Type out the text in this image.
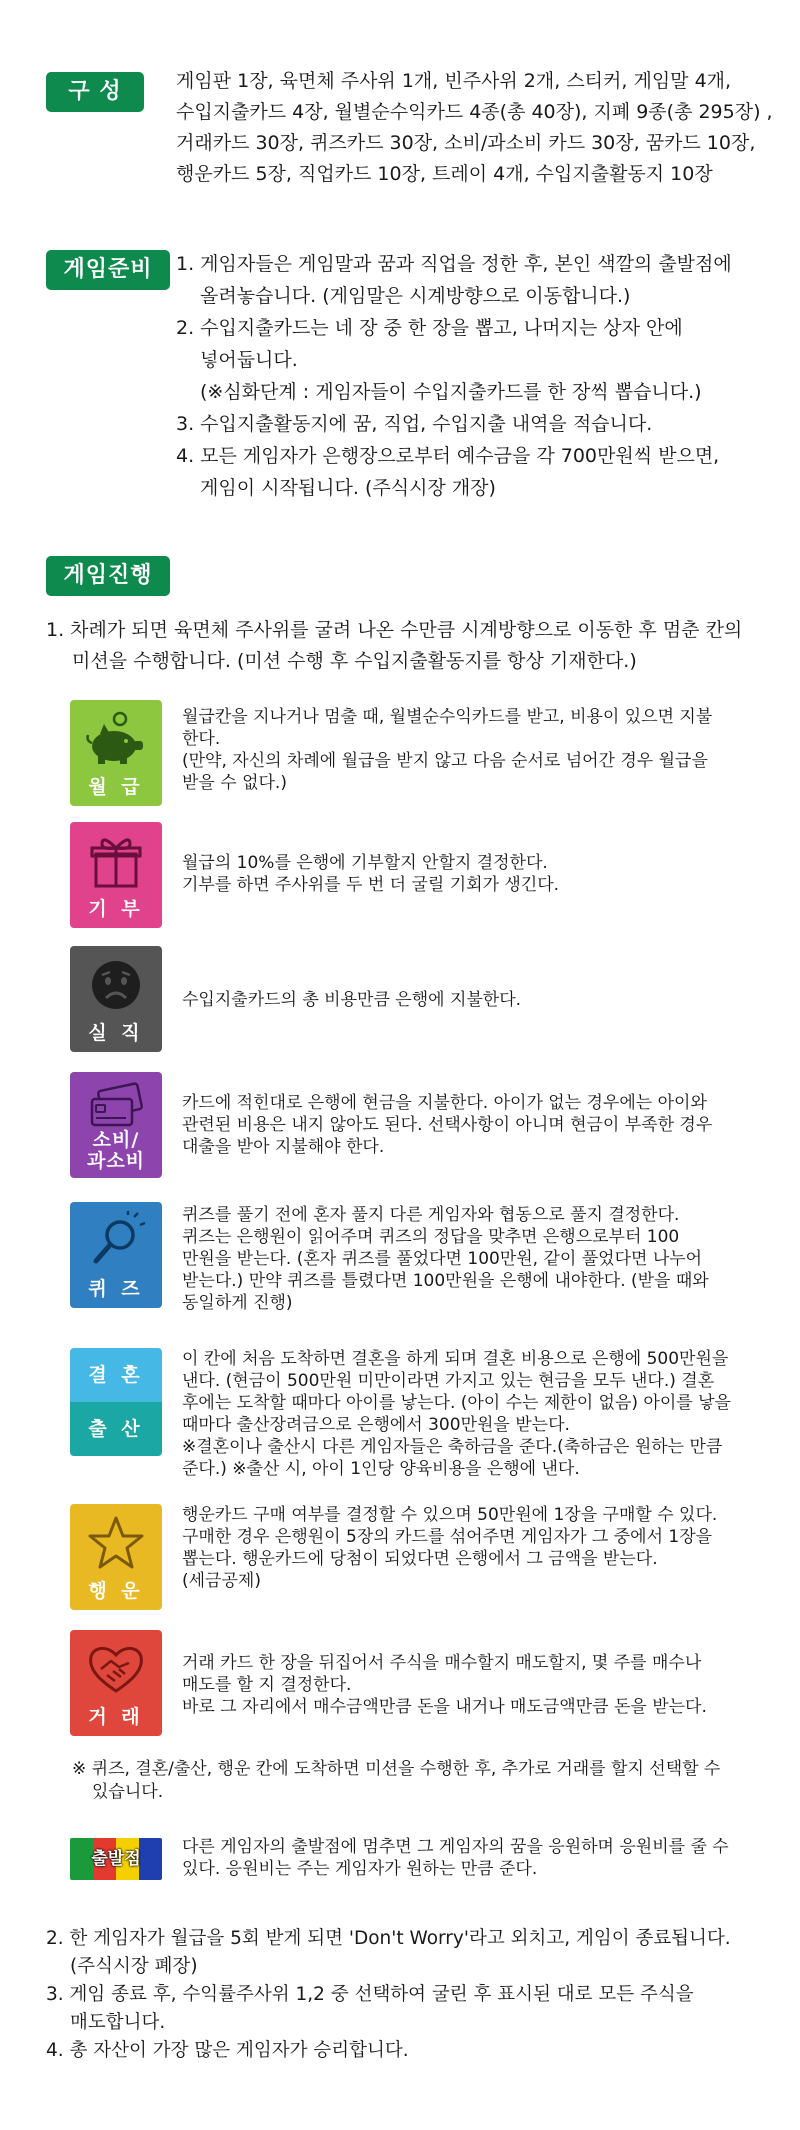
구 성 품

게임판 1장, 육면체 주사위 1개, 빈주사위 2개, 스티커, 게임말 4개,

수입지출카드 4장, 월별순수익카드 4종(총 40장), 지폐 9종(총 295장) ,

거래카드 30장, 퀴즈카드 30장, 소비/과소비 카드 30장, 꿈카드 10장,

행운카드 5장, 직업카드 10장, 트레이 4개, 수입지출활동지 10장

게임준비	1. 게임자들은 게임말과 꿈과 직업을 정한 후, 본인 색깔의 출발점에

올려놓습니다. (게임말은 시계방향으로 이동합니다.)

2. 수입지출카드는 네 장 중 한 장을 뽑고, 나머지는 상자 안에

넣어둡니다.

(※심화단계 : 게임자들이 수입지출카드를 한 장씩 뽑습니다.)

3. 수입지출활동지에 꿈, 직업, 수입지출 내역을 적습니다.

4. 모든 게임자가 은행장으로부터 예수금을 각 700만원씩 받으면,

게임이 시작됩니다. (주식시장 개장)

게임진행

1. 차례가 되면 육면체 주사위를 굴려 나온 수만큼 시계방향으로 이동한 후 멈춘 칸의

미션을 수행합니다. (미션 수행 후 수입지출활동지를 항상 기재한다.)

월 급

월급칸을 지나거나 멈출 때, 월별순수익카드를 받고, 비용이 있으면 지불

한다.

(만약, 자신의 차례에 월급을 받지 않고 다음 순서로 넘어간 경우 월급을

받을 수 없다.)

기 부

월급의 10%를 은행에 기부할지 안할지 결정한다.

기부를 하면 주사위를 두 번 더 굴릴 기회가 생긴다.

실 직

수입지출카드의 총 비용만큼 은행에 지불한다.

소비/
과소비

카드에 적힌대로 은행에 현금을 지불한다. 아이가 없는 경우에는 아이와

관련된 비용은 내지 않아도 된다. 선택사항이 아니며 현금이 부족한 경우

대출을 받아 지불해야 한다.

퀴 즈

퀴즈를 풀기 전에 혼자 풀지 다른 게임자와 협동으로 풀지 결정한다.

퀴즈는 은행원이 읽어주며 퀴즈의 정답을 맞추면 은행으로부터 100

만원을 받는다. (혼자 퀴즈를 풀었다면 100만원, 같이 풀었다면 나누어

받는다.) 만약 퀴즈를 틀렸다면 100만원을 은행에 내야한다. (받을 때와

동일하게 진행)

결 혼
출 산

이 칸에 처음 도착하면 결혼을 하게 되며 결혼 비용으로 은행에 500만원을

낸다. (현금이 500만원 미만이라면 가지고 있는 현금을 모두 낸다.) 결혼

후에는 도착할 때마다 아이를 낳는다. (아이 수는 제한이 없음) 아이를 낳을

때마다 출산장려금으로 은행에서 300만원을 받는다.

※결혼이나 출산시 다른 게임자들은 축하금을 준다.(축하금은 원하는 만큼

준다.) ※출산 시, 아이 1인당 양육비용을 은행에 낸다.

행 운

행운카드 구매 여부를 결정할 수 있으며 50만원에 1장을 구매할 수 있다.

구매한 경우 은행원이 5장의 카드를 섞어주면 게임자가 그 중에서 1장을

뽑는다. 행운카드에 당첨이 되었다면 은행에서 그 금액을 받는다.

(세금공제)

거 래

거래 카드 한 장을 뒤집어서 주식을 매수할지 매도할지, 몇 주를 매수나

매도를 할 지 결정한다.

바로 그 자리에서 매수금액만큼 돈을 내거나 매도금액만큼 돈을 받는다.

※ 퀴즈, 결혼/출산, 행운 칸에 도착하면 미션을 수행한 후, 추가로 거래를 할지 선택할 수

있습니다.

출발점

다른 게임자의 출발점에 멈추면 그 게임자의 꿈을 응원하며 응원비를 줄 수

있다. 응원비는 주는 게임자가 원하는 만큼 준다.

2. 한 게임자가 월급을 5회 받게 되면 'Don't Worry'라고 외치고, 게임이 종료됩니다.

(주식시장 폐장)

3. 게임 종료 후, 수익률주사위 1,2 중 선택하여 굴린 후 표시된 대로 모든 주식을

매도합니다.

4. 총 자산이 가장 많은 게임자가 승리합니다.
